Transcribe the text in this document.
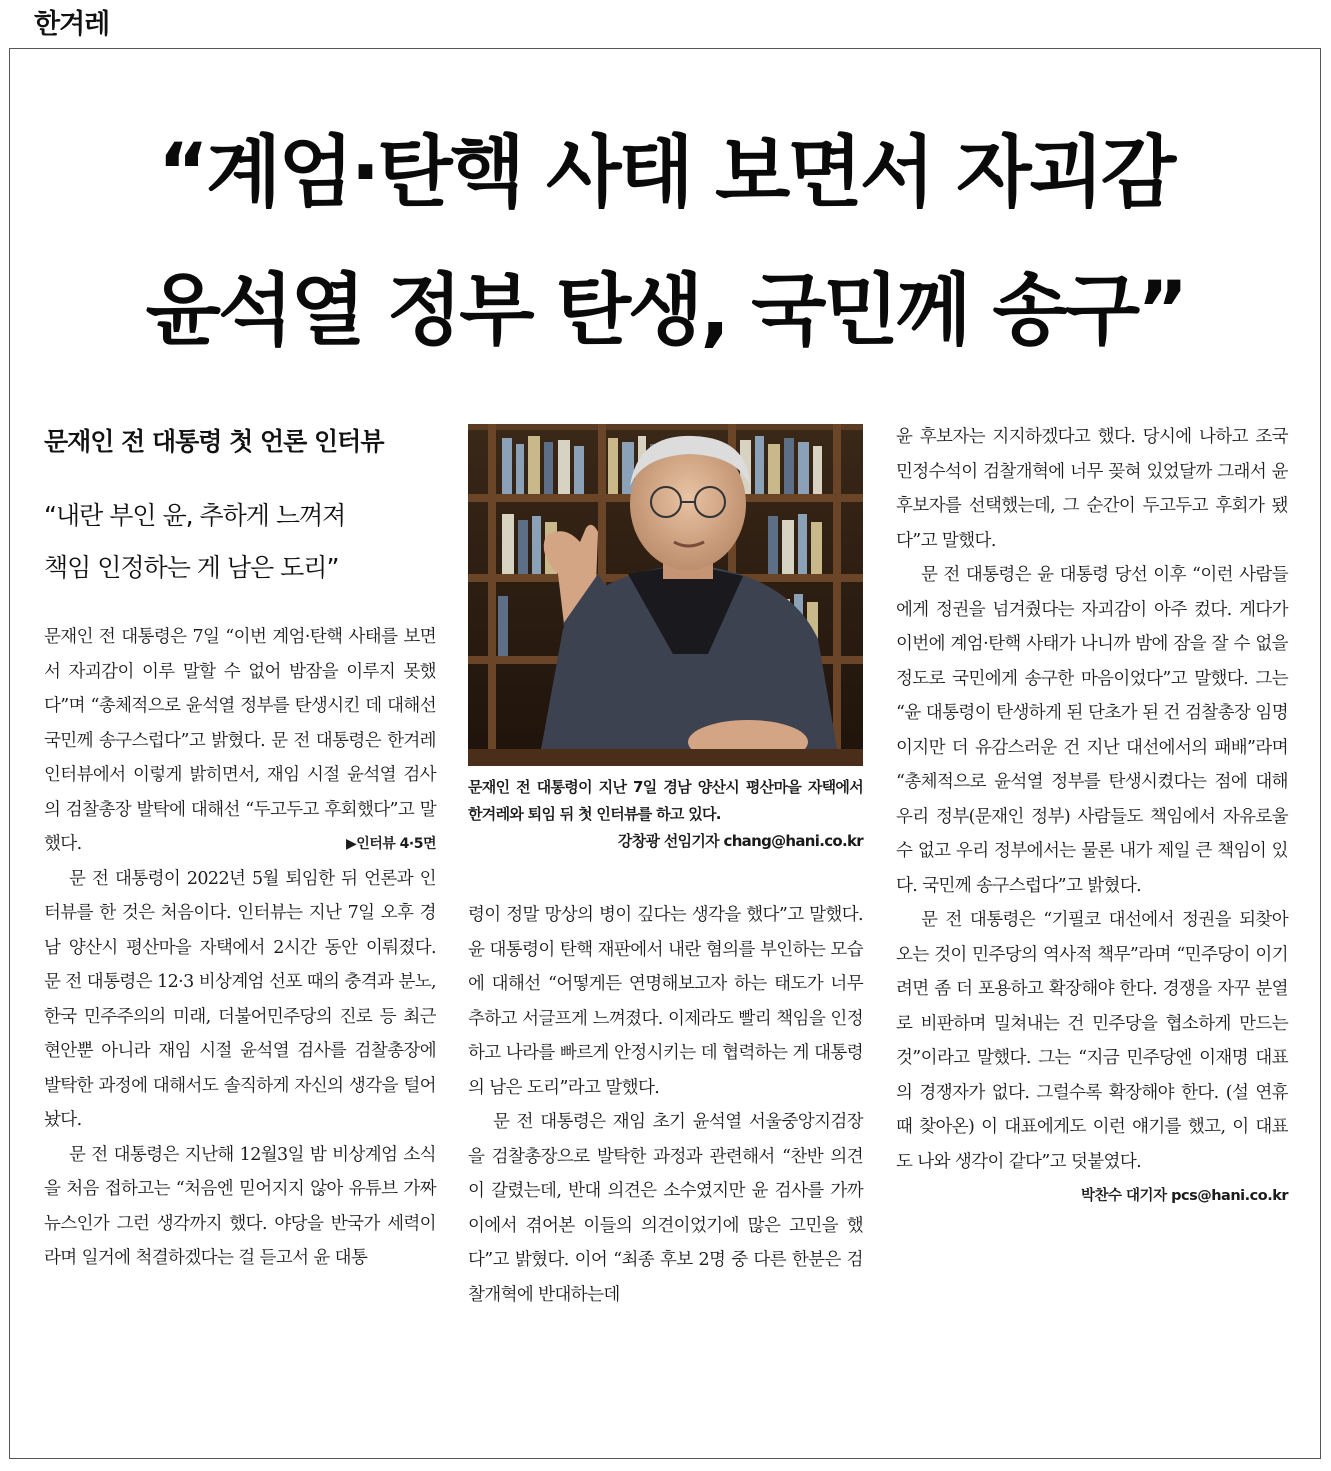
한겨레
“계엄·탄핵 사태 보면서 자괴감
윤석열 정부 탄생, 국민께 송구”
문재인 전 대통령 첫 언론 인터뷰
“내란 부인 윤, 추하게 느껴져
책임 인정하는 게 남은 도리”

문재인 전 대통령은 7일 “이번 계엄·탄핵 사태를 보면서 자괴감이 이루 말할 수 없어 밤잠을 이루지 못했다”며 “총체적으로 윤석열 정부를 탄생시킨 데 대해선 국민께 송구스럽다”고 밝혔다. 문 전 대통령은 한겨레 인터뷰에서 이렇게 밝히면서, 재임 시절 윤석열 검사의 검찰총장 발탁에 대해선 “두고두고 후회했다”고 말했다.	▶인터뷰 4·5면

문 전 대통령이 2022년 5월 퇴임한 뒤 언론과 인터뷰를 한 것은 처음이다. 인터뷰는 지난 7일 오후 경남 양산시 평산마을 자택에서 2시간 동안 이뤄졌다. 문 전 대통령은 12·3 비상계엄 선포 때의 충격과 분노, 한국 민주주의의 미래, 더불어민주당의 진로 등 최근 현안뿐 아니라 재임 시절 윤석열 검사를 검찰총장에 발탁한 과정에 대해서도 솔직하게 자신의 생각을 털어놨다.

문 전 대통령은 지난해 12월3일 밤 비상계엄 소식을 처음 접하고는 “처음엔 믿어지지 않아 유튜브 가짜뉴스인가 그런 생각까지 했다. 야당을 반국가 세력이라며 일거에 척결하겠다는 걸 듣고서 윤 대통

문재인 전 대통령이 지난 7일 경남 양산시 평산마을 자택에서 한겨레와 퇴임 뒤 첫 인터뷰를 하고 있다.
강창광 선임기자 chang@hani.co.kr

령이 정말 망상의 병이 깊다는 생각을 했다”고 말했다. 윤 대통령이 탄핵 재판에서 내란 혐의를 부인하는 모습에 대해선 “어떻게든 연명해보고자 하는 태도가 너무 추하고 서글프게 느껴졌다. 이제라도 빨리 책임을 인정하고 나라를 빠르게 안정시키는 데 협력하는 게 대통령의 남은 도리”라고 말했다.

문 전 대통령은 재임 초기 윤석열 서울중앙지검장을 검찰총장으로 발탁한 과정과 관련해서 “찬반 의견이 갈렸는데, 반대 의견은 소수였지만 윤 검사를 가까이에서 겪어본 이들의 의견이었기에 많은 고민을 했다”고 밝혔다. 이어 “최종 후보 2명 중 다른 한분은 검찰개혁에 반대하는데

윤 후보자는 지지하겠다고 했다. 당시에 나하고 조국 민정수석이 검찰개혁에 너무 꽂혀 있었달까 그래서 윤 후보자를 선택했는데, 그 순간이 두고두고 후회가 됐다”고 말했다.

문 전 대통령은 윤 대통령 당선 이후 “이런 사람들에게 정권을 넘겨줬다는 자괴감이 아주 컸다. 게다가 이번에 계엄·탄핵 사태가 나니까 밤에 잠을 잘 수 없을 정도로 국민에게 송구한 마음이었다”고 말했다. 그는 “윤 대통령이 탄생하게 된 단초가 된 건 검찰총장 임명이지만 더 유감스러운 건 지난 대선에서의 패배”라며 “총체적으로 윤석열 정부를 탄생시켰다는 점에 대해 우리 정부(문재인 정부) 사람들도 책임에서 자유로울 수 없고 우리 정부에서는 물론 내가 제일 큰 책임이 있다. 국민께 송구스럽다”고 밝혔다.

문 전 대통령은 “기필코 대선에서 정권을 되찾아 오는 것이 민주당의 역사적 책무”라며 “민주당이 이기려면 좀 더 포용하고 확장해야 한다. 경쟁을 자꾸 분열로 비판하며 밀쳐내는 건 민주당을 협소하게 만드는 것”이라고 말했다. 그는 “지금 민주당엔 이재명 대표의 경쟁자가 없다. 그럴수록 확장해야 한다. (설 연휴 때 찾아온) 이 대표에게도 이런 얘기를 했고, 이 대표도 나와 생각이 같다”고 덧붙였다.

박찬수 대기자 pcs@hani.co.kr
